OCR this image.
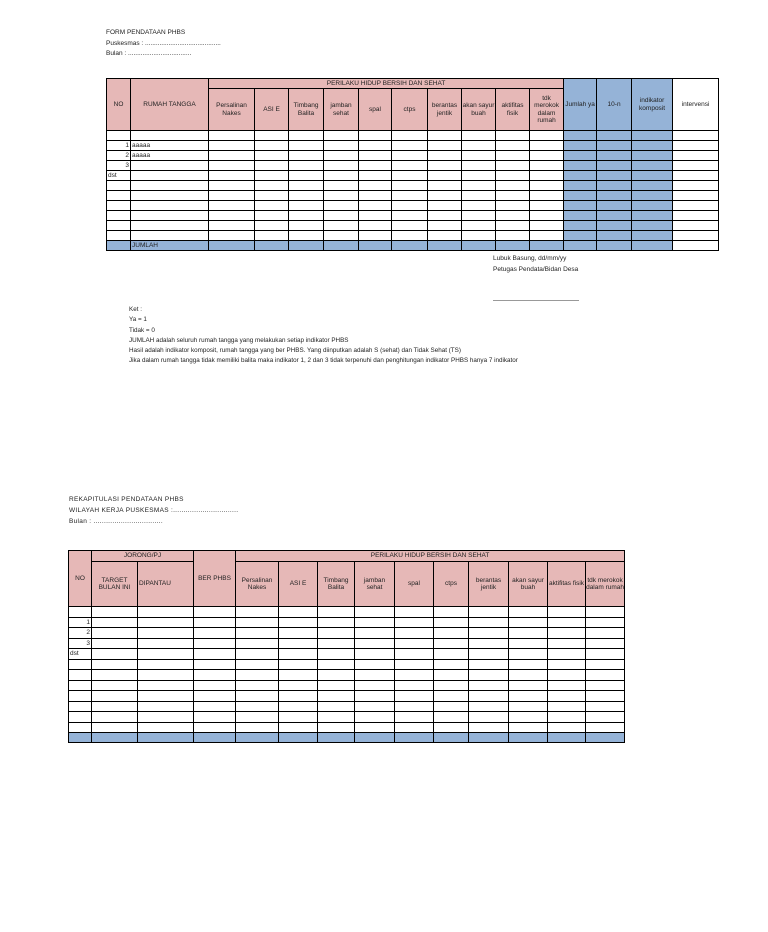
FORM PENDATAAN PHBS
Puskesmas : ..........................................
Bulan : ...................................
NO	RUMAH TANGGA	PERILAKU HIDUP BERSIH DAN SEHAT										Jumlah ya	10-n	indikator komposit	intervensi
		Persalinan Nakes	ASI E	Timbang Balita	jamban sehat	spal	ctps	berantas jentik	akan sayur buah	aktifitas fisik	tdk merokok dalam rumah				

1	aaaaa														
2	aaaaa														
3															
dst															

	JUMLAH														
Lubuk Basung, dd/mm/yy
Petugas Pendata/Bidan Desa
Ket :
Ya = 1
Tidak = 0
JUMLAH adalah seluruh rumah tangga yang melakukan setiap indikator PHBS
Hasil adalah indikator komposit, rumah tangga yang ber PHBS. Yang diinputkan adalah S (sehat) dan Tidak Sehat (TS)
Jika dalam rumah tangga tidak memiliki balita maka indikator 1, 2 dan 3 tidak terpenuhi dan penghitungan indikator PHBS hanya 7 indikator
REKAPITULASI PENDATAAN PHBS
WILAYAH KERJA PUSKESMAS :...............................
Bulan : .................................
NO	JORONG/PJ		BER PHBS	PERILAKU HIDUP BERSIH DAN SEHAT									
	TARGET BULAN INI	DIPANTAU		Persalinan Nakes	ASI E	Timbang Balita	jamban sehat	spal	ctps	berantas jentik	akan sayur buah	aktifitas fisik	tdk merokok dalam rumah

1													
2													
3													
dst													
